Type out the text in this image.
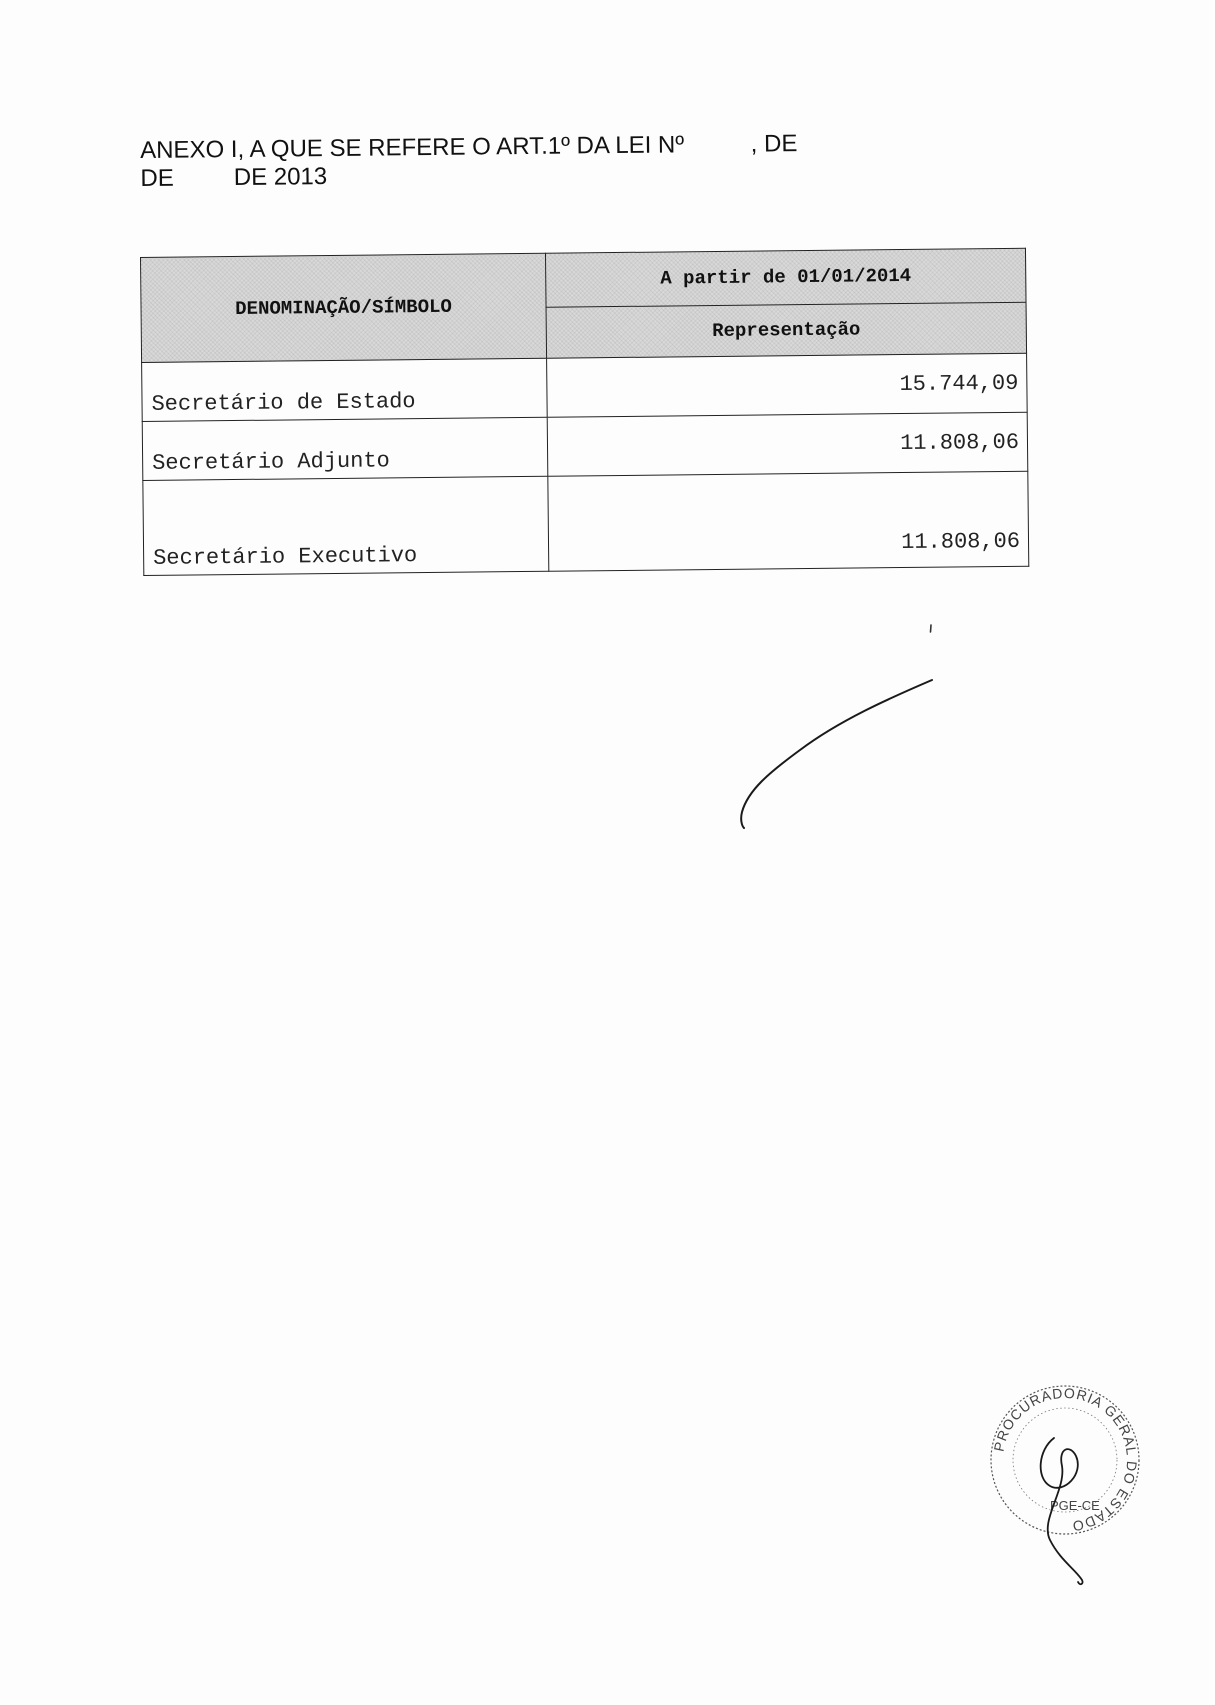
ANEXO I, A QUE SE REFERE O ART.1º DA LEI Nº          , DE
DE         DE 2013
DENOMINAÇÃO/SÍMBOLO	A partir de 01/01/2014
	Representação
Secretário de Estado	15.744,09
Secretário Adjunto	11.808,06
Secretário Executivo	11.808,06
PROCURADORIA GERAL DO ESTADO
PGE-CE
